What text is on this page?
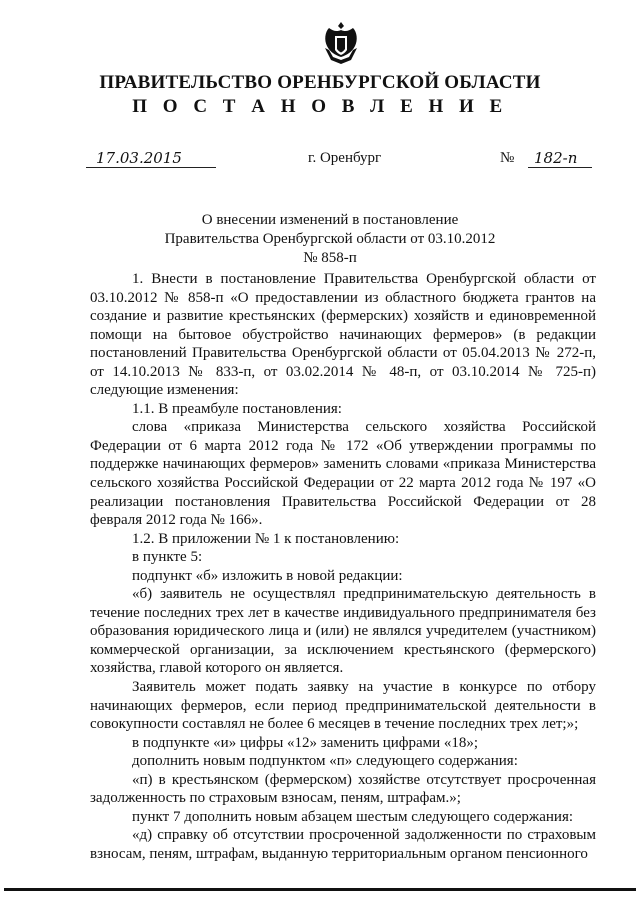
ПРАВИТЕЛЬСТВО ОРЕНБУРГСКОЙ ОБЛАСТИ
П О С Т А Н О В Л Е Н И Е
17.03.2015	г. Оренбург	№	182-п
О внесении изменений в постановление Правительства Оренбургской области от 03.10.2012 № 858-п

1. Внести в постановление Правительства Оренбургской области от 03.10.2012 № 858-п «О предоставлении из областного бюджета грантов на создание и развитие крестьянских (фермерских) хозяйств и единовременной помощи на бытовое обустройство начинающих фермеров» (в редакции постановлений Правительства Оренбургской области от 05.04.2013 № 272-п, от 14.10.2013 № 833-п, от 03.02.2014 № 48-п, от 03.10.2014 № 725-п) следующие изменения:

1.1. В преамбуле постановления:

слова «приказа Министерства сельского хозяйства Российской Федерации от 6 марта 2012 года № 172 «Об утверждении программы по поддержке начинающих фермеров» заменить словами «приказа Министерства сельского хозяйства Российской Федерации от 22 марта 2012 года № 197 «О реализации постановления Правительства Российской Федерации от 28 февраля 2012 года № 166».

1.2. В приложении № 1 к постановлению:

в пункте 5:

подпункт «б» изложить в новой редакции:

«б) заявитель не осуществлял предпринимательскую деятельность в течение последних трех лет в качестве индивидуального предпринимателя без образования юридического лица и (или) не являлся учредителем (участником) коммерческой организации, за исключением крестьянского (фермерского) хозяйства, главой которого он является.

Заявитель может подать заявку на участие в конкурсе по отбору начинающих фермеров, если период предпринимательской деятельности в совокупности составлял не более 6 месяцев в течение последних трех лет;»;

в подпункте «и» цифры «12» заменить цифрами «18»;

дополнить новым подпунктом «п» следующего содержания:

«п) в крестьянском (фермерском) хозяйстве отсутствует просроченная задолженность по страховым взносам, пеням, штрафам.»;

пункт 7 дополнить новым абзацем шестым следующего содержания:

«д) справку об отсутствии просроченной задолженности по страховым взносам, пеням, штрафам, выданную территориальным органом пенсионного
